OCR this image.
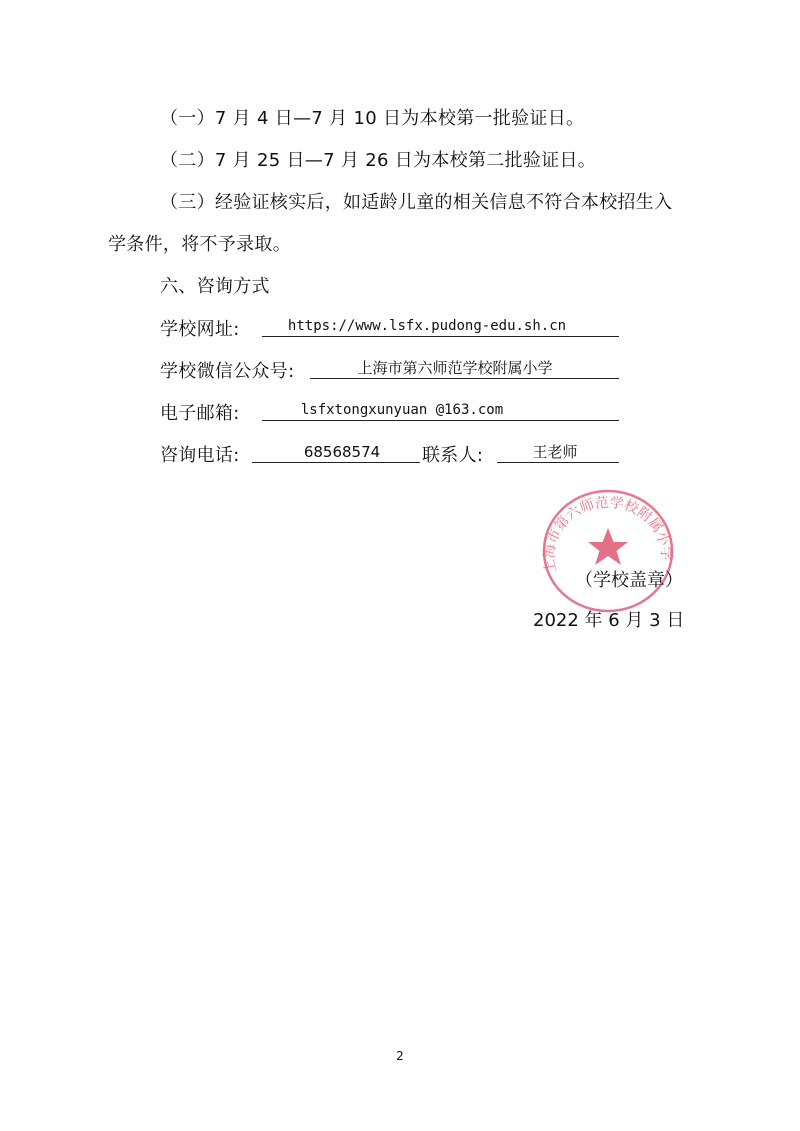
（一）7 月 4 日—7 月 10 日为本校第一批验证日。
（二）7 月 25 日—7 月 26 日为本校第二批验证日。
（三）经验证核实后，如适龄儿童的相关信息不符合本校招生入
学条件，将不予录取。
六、咨询方式
学校网址:	https://www.lsfx.pudong-edu.sh.cn
学校微信公众号:	上海市第六师范学校附属小学
电子邮箱:	lsfxtongxunyuan @163.com
咨询电话:	68568574	联系人:	王老师
上海市第六师范学校附属小学
（学校盖章）
2022 年 6 月 3 日
2
